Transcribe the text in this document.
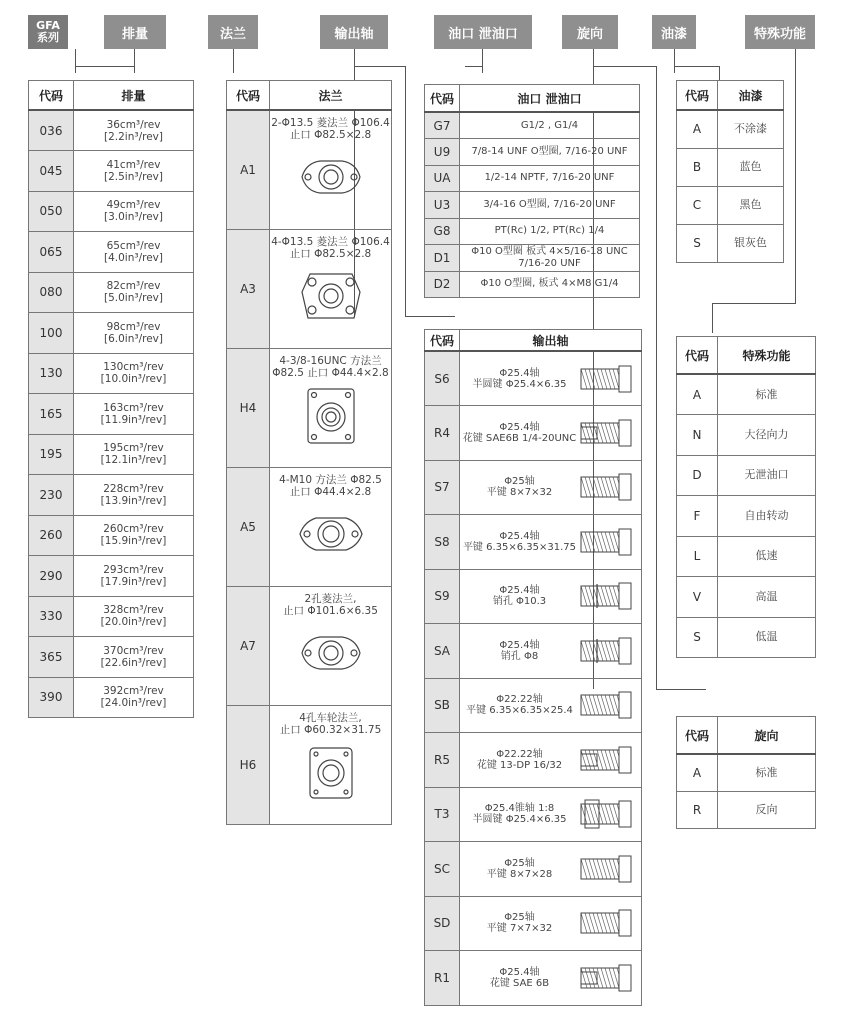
GFA
系列	排量	法兰	输出轴	油口 泄油口	旋向	油漆	特殊功能
代码	排量
036	36cm³/rev
[2.2in³/rev]

045	41cm³/rev
[2.5in³/rev]

050	49cm³/rev
[3.0in³/rev]

065	65cm³/rev
[4.0in³/rev]

080	82cm³/rev
[5.0in³/rev]

100	98cm³/rev
[6.0in³/rev]

130	130cm³/rev
[10.0in³/rev]

165	163cm³/rev
[11.9in³/rev]

195	195cm³/rev
[12.1in³/rev]

230	228cm³/rev
[13.9in³/rev]

260	260cm³/rev
[15.9in³/rev]

290	293cm³/rev
[17.9in³/rev]

330	328cm³/rev
[20.0in³/rev]

365	370cm³/rev
[22.6in³/rev]

390	392cm³/rev
[24.0in³/rev]
代码	法兰
A1	2-Φ13.5 菱法兰 Φ106.4
止口 Φ82.5×2.8

A3	4-Φ13.5 菱法兰 Φ106.4
止口 Φ82.5×2.8

H4	4-3/8-16UNC 方法兰
Φ82.5 止口 Φ44.4×2.8

A5	4-M10 方法兰 Φ82.5
止口 Φ44.4×2.8

A7	2孔菱法兰,
止口 Φ101.6×6.35

H6	4孔车轮法兰,
止口 Φ60.32×31.75
代码	油口 泄油口
G7	G1/2 , G1/4

U9	7/8-14 UNF O型圈, 7/16-20 UNF

UA	1/2-14 NPTF, 7/16-20 UNF

U3	3/4-16 O型圈, 7/16-20 UNF

G8	PT(Rc) 1/2, PT(Rc) 1/4

D1	Φ10 O型圈 板式 4×5/16-18 UNC
7/16-20 UNF

D2	Φ10 O型圈, 板式 4×M8 G1/4
代码	输出轴
S6	Φ25.4轴
半圆键 Φ25.4×6.35

R4	Φ25.4轴
花键 SAE6B 1/4-20UNC

S7	Φ25轴
平键 8×7×32

S8	Φ25.4轴
平键 6.35×6.35×31.75

S9	Φ25.4轴
销孔 Φ10.3

SA	Φ25.4轴
销孔 Φ8

SB	Φ22.22轴
平键 6.35×6.35×25.4

R5	Φ22.22轴
花键 13-DP 16/32

T3	Φ25.4锥轴 1:8
半圆键 Φ25.4×6.35

SC	Φ25轴
平键 8×7×28

SD	Φ25轴
平键 7×7×32

R1	Φ25.4轴
花键 SAE 6B
代码	油漆
A	不涂漆
B	蓝色
C	黑色
S	银灰色
代码	特殊功能
A	标准
N	大径向力
D	无泄油口
F	自由转动
L	低速
V	高温
S	低温
代码	旋向
A	标准
R	反向
